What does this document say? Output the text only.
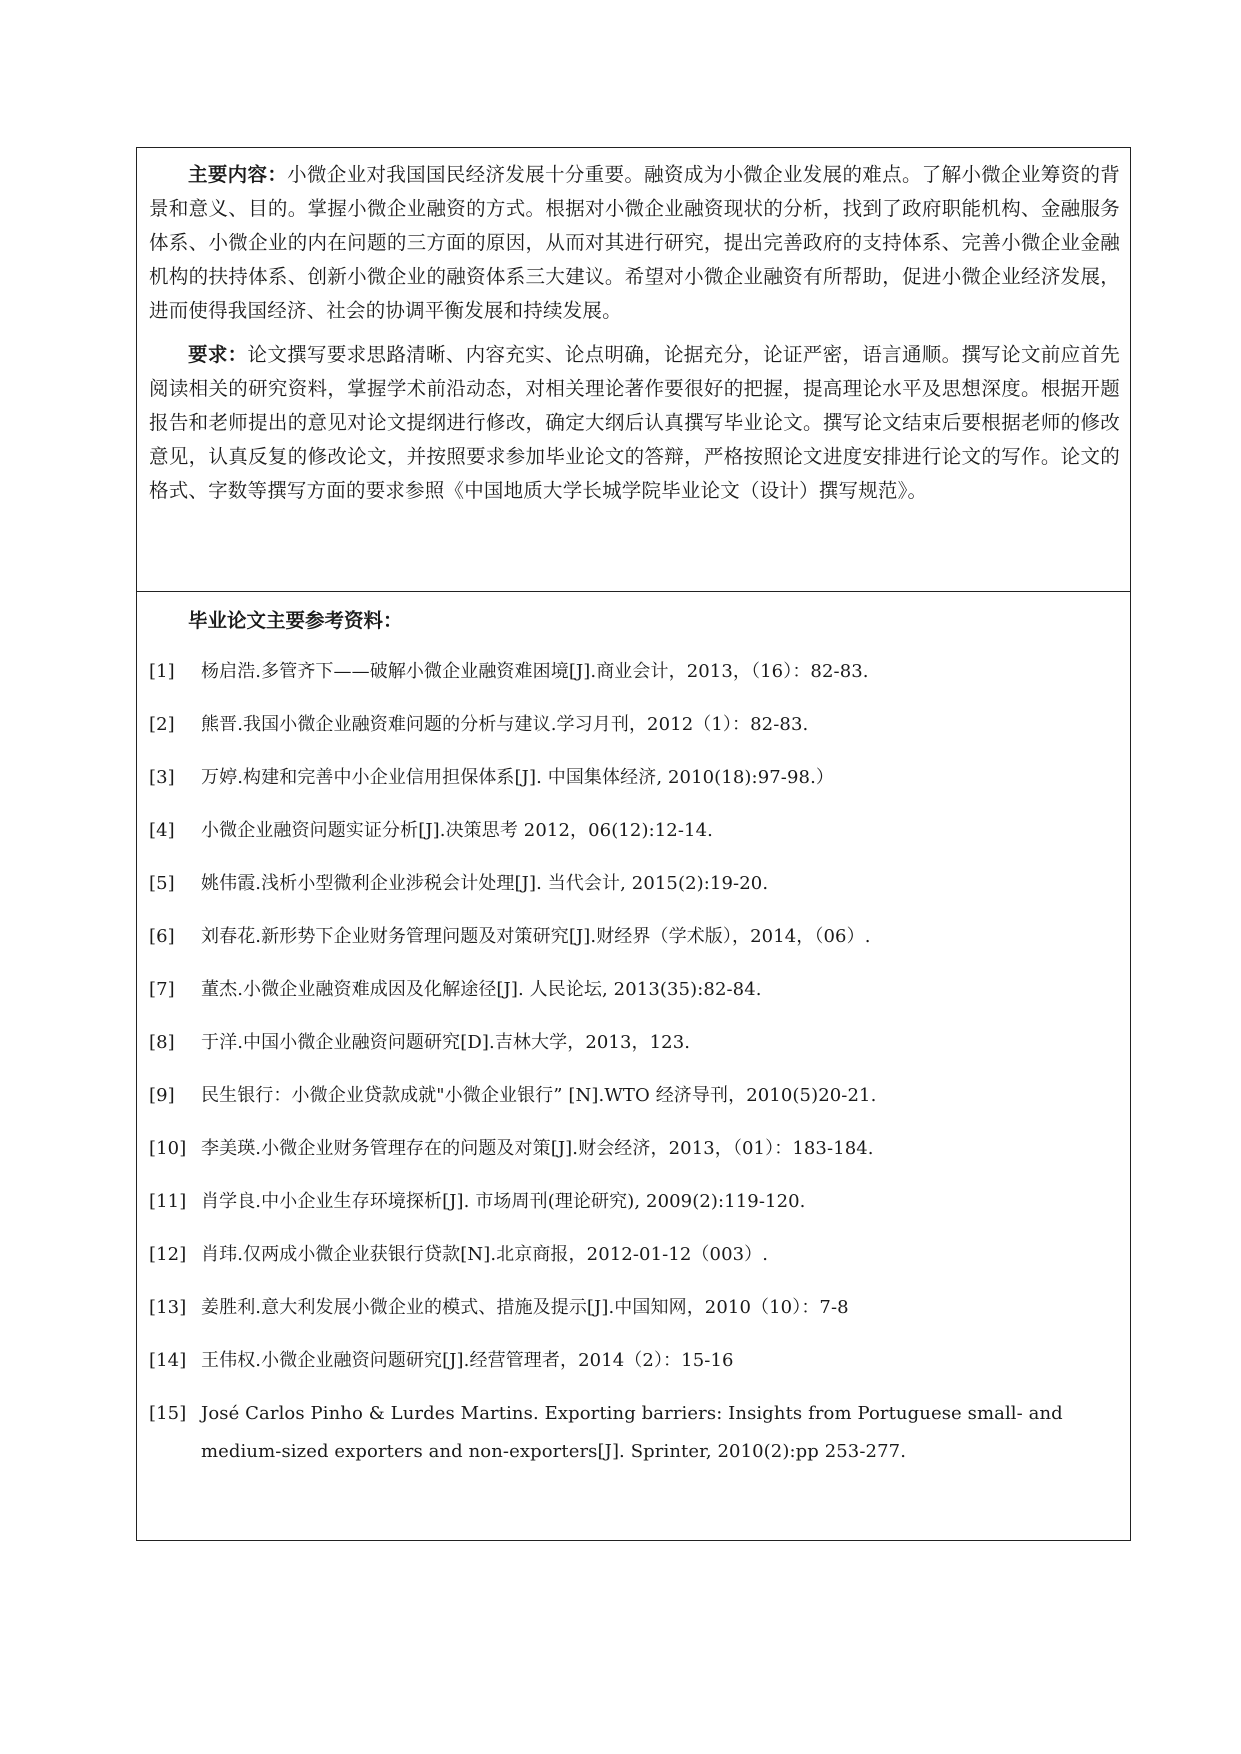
主要内容：小微企业对我国国民经济发展十分重要。融资成为小微企业发展的难点。了解小微企业筹资的背景和意义、目的。掌握小微企业融资的方式。根据对小微企业融资现状的分析，找到了政府职能机构、金融服务体系、小微企业的内在问题的三方面的原因，从而对其进行研究，提出完善政府的支持体系、完善小微企业金融机构的扶持体系、创新小微企业的融资体系三大建议。希望对小微企业融资有所帮助，促进小微企业经济发展，进而使得我国经济、社会的协调平衡发展和持续发展。

要求：论文撰写要求思路清晰、内容充实、论点明确，论据充分，论证严密，语言通顺。撰写论文前应首先阅读相关的研究资料，掌握学术前沿动态，对相关理论著作要很好的把握，提高理论水平及思想深度。根据开题报告和老师提出的意见对论文提纲进行修改，确定大纲后认真撰写毕业论文。撰写论文结束后要根据老师的修改意见，认真反复的修改论文，并按照要求参加毕业论文的答辩，严格按照论文进度安排进行论文的写作。论文的格式、字数等撰写方面的要求参照《中国地质大学长城学院毕业论文（设计）撰写规范》。

毕业论文主要参考资料：

[1] 杨启浩.多管齐下——破解小微企业融资难困境[J].商业会计，2013，（16）：82-83.

[2] 熊晋.我国小微企业融资难问题的分析与建议.学习月刊，2012（1）：82-83.

[3] 万婷.构建和完善中小企业信用担保体系[J]. 中国集体经济, 2010(18):97-98.）

[4] 小微企业融资问题实证分析[J].决策思考 2012，06(12):12-14.

[5] 姚伟霞.浅析小型微利企业涉税会计处理[J]. 当代会计, 2015(2):19-20.

[6] 刘春花.新形势下企业财务管理问题及对策研究[J].财经界（学术版），2014，（06）.

[7] 董杰.小微企业融资难成因及化解途径[J]. 人民论坛, 2013(35):82-84.

[8] 于洋.中国小微企业融资问题研究[D].吉林大学，2013，123.

[9] 民生银行：小微企业贷款成就"小微企业银行” [N].WTO 经济导刊，2010(5)20-21.

[10] 李美瑛.小微企业财务管理存在的问题及对策[J].财会经济，2013，（01）：183-184.

[11] 肖学良.中小企业生存环境探析[J]. 市场周刊(理论研究), 2009(2):119-120.

[12] 肖玮.仅两成小微企业获银行贷款[N].北京商报，2012-01-12（003）.

[13] 姜胜利.意大利发展小微企业的模式、措施及提示[J].中国知网，2010（10）：7-8

[14] 王伟权.小微企业融资问题研究[J].经营管理者，2014（2）：15-16

[15] José Carlos Pinho & Lurdes Martins. Exporting barriers: Insights from Portuguese small- and medium-sized exporters and non-exporters[J]. Sprinter, 2010(2):pp 253-277.
